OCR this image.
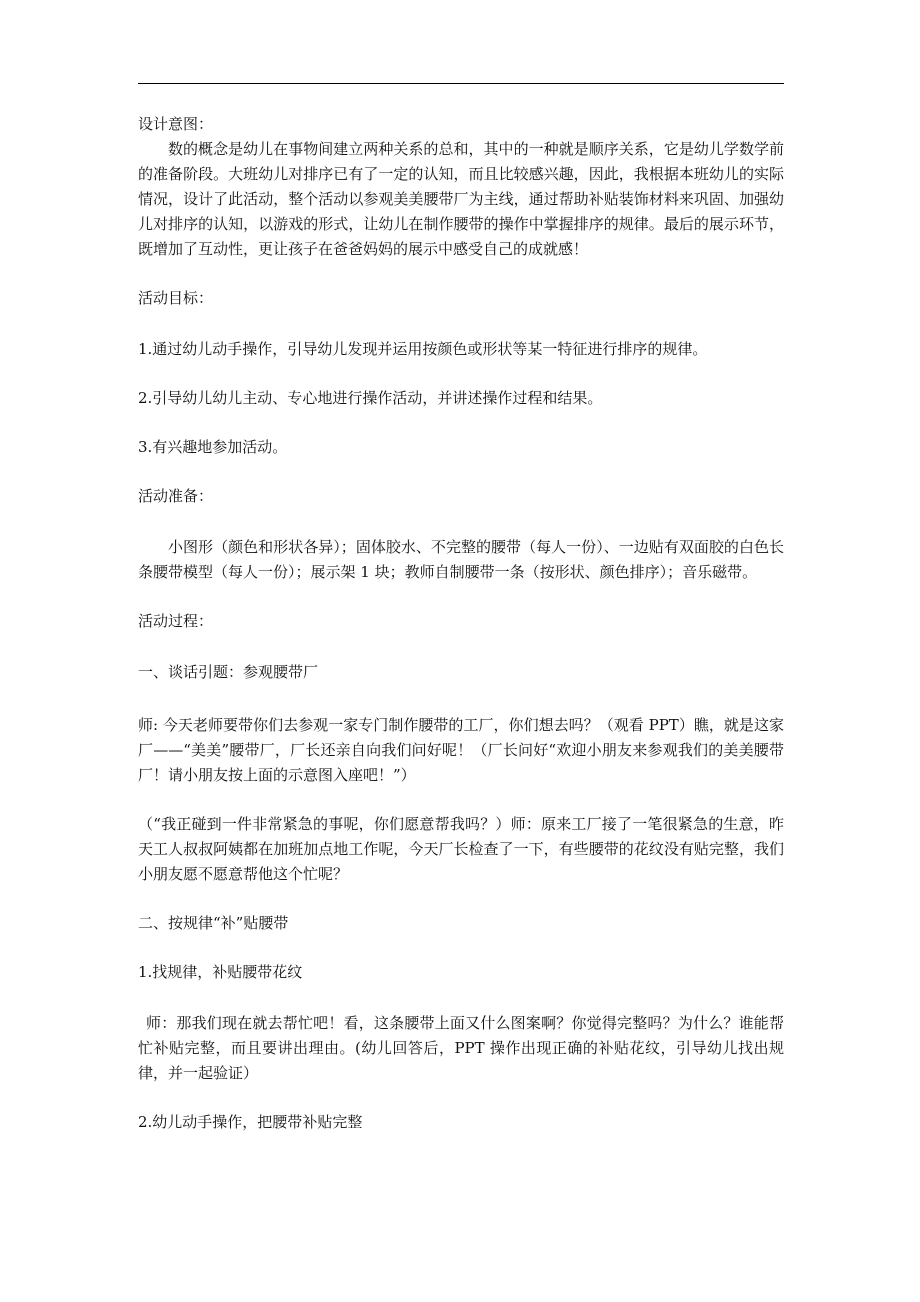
设计意图：

数的概念是幼儿在事物间建立两种关系的总和，其中的一种就是顺序关系，它是幼儿学数学前的准备阶段。大班幼儿对排序已有了一定的认知，而且比较感兴趣，因此，我根据本班幼儿的实际情况，设计了此活动，整个活动以参观美美腰带厂为主线，通过帮助补贴装饰材料来巩固、加强幼儿对排序的认知，以游戏的形式，让幼儿在制作腰带的操作中掌握排序的规律。最后的展示环节，既增加了互动性，更让孩子在爸爸妈妈的展示中感受自己的成就感！

活动目标：

1.通过幼儿动手操作，引导幼儿发现并运用按颜色或形状等某一特征进行排序的规律。

2.引导幼儿幼儿主动、专心地进行操作活动，并讲述操作过程和结果。

3.有兴趣地参加活动。

活动准备：

小图形（颜色和形状各异）；固体胶水、不完整的腰带（每人一份）、一边贴有双面胶的白色长条腰带模型（每人一份）；展示架 1 块；教师自制腰带一条（按形状、颜色排序）；音乐磁带。

活动过程：

一、谈话引题：参观腰带厂

师: 今天老师要带你们去参观一家专门制作腰带的工厂，你们想去吗？（观看 PPT）瞧，就是这家厂——“美美”腰带厂，厂长还亲自向我们问好呢！（厂长问好“欢迎小朋友来参观我们的美美腰带厂！请小朋友按上面的示意图入座吧！”）

（“我正碰到一件非常紧急的事呢，你们愿意帮我吗？）师：原来工厂接了一笔很紧急的生意，昨天工人叔叔阿姨都在加班加点地工作呢，今天厂长检查了一下，有些腰带的花纹没有贴完整，我们小朋友愿不愿意帮他这个忙呢？

二、按规律“补”贴腰带

1.找规律，补贴腰带花纹

师：那我们现在就去帮忙吧！看，这条腰带上面又什么图案啊？你觉得完整吗？为什么？谁能帮忙补贴完整，而且要讲出理由。(幼儿回答后，PPT 操作出现正确的补贴花纹，引导幼儿找出规律，并一起验证）

2.幼儿动手操作，把腰带补贴完整
